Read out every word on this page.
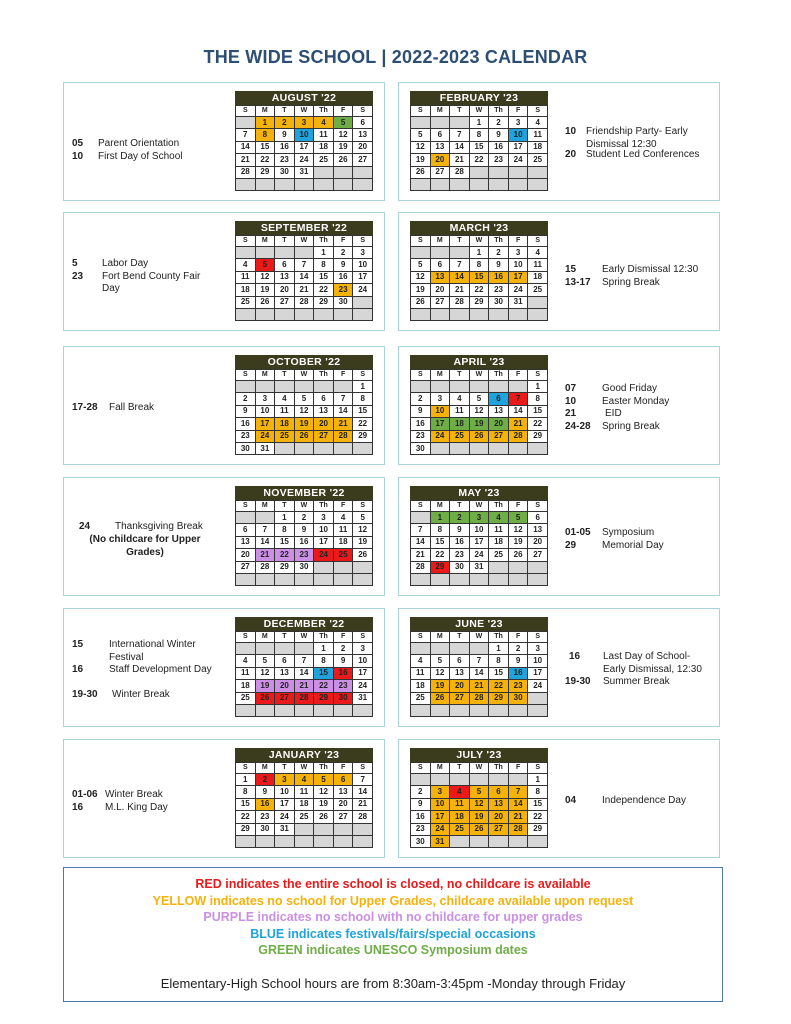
THE WIDE SCHOOL | 2022-2023 CALENDAR
05	Parent Orientation
10	First Day of School
AUGUST '22
S	M	T	W	Th	F	S
	1	2	3	4	5	6
7	8	9	10	11	12	13
14	15	16	17	18	19	20
21	22	23	24	25	26	27
28	29	30	31			

FEBRUARY '23
S	M	T	W	Th	F	S
			1	2	3	4
5	6	7	8	9	10	11
12	13	14	15	16	17	18
19	20	21	22	23	24	25
26	27	28				

10 Friendship Party- Early Dismissal 12:30
20 Student Led Conferences
5	Labor Day
23	Fort Bend County Fair Day
SEPTEMBER '22
S	M	T	W	Th	F	S
				1	2	3
4	5	6	7	8	9	10
11	12	13	14	15	16	17
18	19	20	21	22	23	24
25	26	27	28	29	30	

MARCH '23
S	M	T	W	Th	F	S
			1	2	3	4
5	6	7	8	9	10	11
12	13	14	15	16	17	18
19	20	21	22	23	24	25
26	27	28	29	30	31	

15	Early Dismissal 12:30
13-17	Spring Break
17-28	Fall Break
OCTOBER '22
S	M	T	W	Th	F	S
						1
2	3	4	5	6	7	8
9	10	11	12	13	14	15
16	17	18	19	20	21	22
23	24	25	26	27	28	29
30	31					
APRIL '23
S	M	T	W	Th	F	S
						1
2	3	4	5	6	7	8
9	10	11	12	13	14	15
16	17	18	19	20	21	22
23	24	25	26	27	28	29
30						
07	Good Friday
10	Easter Monday
21	EID
24-28	Spring Break
24	Thanksgiving Break
(No childcare for Upper Grades)
NOVEMBER '22
S	M	T	W	Th	F	S
		1	2	3	4	5
6	7	8	9	10	11	12
13	14	15	16	17	18	19
20	21	22	23	24	25	26
27	28	29	30			

MAY '23
S	M	T	W	Th	F	S
	1	2	3	4	5	6
7	8	9	10	11	12	13
14	15	16	17	18	19	20
21	22	23	24	25	26	27
28	29	30	31			

01-05	Symposium
29	Memorial Day
15	International Winter Festival
16	Staff Development Day
19-30	Winter Break
DECEMBER '22
S	M	T	W	Th	F	S
				1	2	3
4	5	6	7	8	9	10
11	12	13	14	15	16	17
18	19	20	21	22	23	24
25	26	27	28	29	30	31

JUNE '23
S	M	T	W	Th	F	S
				1	2	3
4	5	6	7	8	9	10
11	12	13	14	15	16	17
18	19	20	21	22	23	24
25	26	27	28	29	30	

16	Last Day of School- Early Dismissal, 12:30
19-30	Summer Break
01-06 Winter Break
16	M.L. King Day
JANUARY '23
S	M	T	W	Th	F	S
1	2	3	4	5	6	7
8	9	10	11	12	13	14
15	16	17	18	19	20	21
22	23	24	25	26	27	28
29	30	31				

JULY '23
S	M	T	W	Th	F	S
						1
2	3	4	5	6	7	8
9	10	11	12	13	14	15
16	17	18	19	20	21	22
23	24	25	26	27	28	29
30	31					
04	Independence Day
RED indicates the entire school is closed, no childcare is available
YELLOW indicates no school for Upper Grades, childcare available upon request
PURPLE indicates no school with no childcare for upper grades
BLUE indicates festivals/fairs/special occasions
GREEN indicates UNESCO Symposium dates
Elementary-High School hours are from 8:30am-3:45pm -Monday through Friday
